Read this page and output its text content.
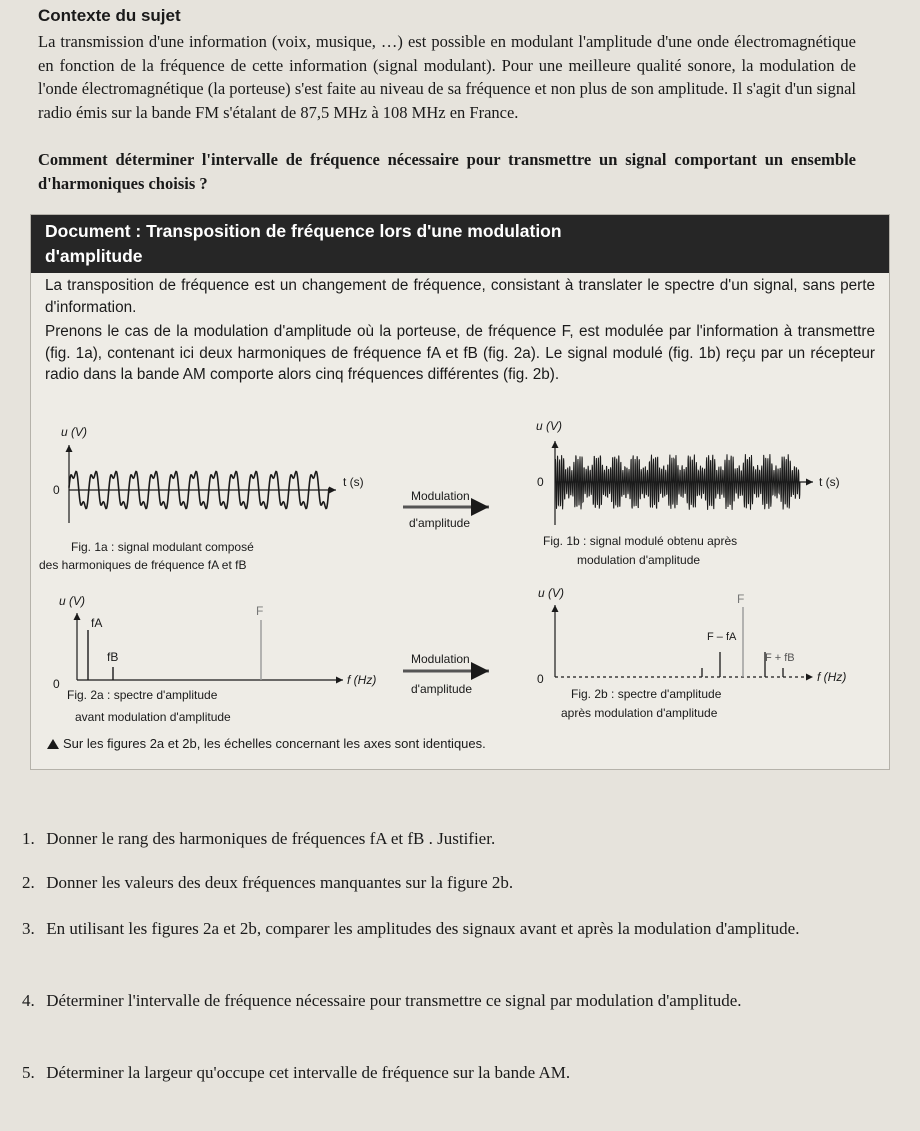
Contexte du sujet
La transmission d'une information (voix, musique, …) est possible en modulant l'amplitude d'une onde électromagnétique en fonction de la fréquence de cette information (signal modulant). Pour une meilleure qualité sonore, la modulation de l'onde électromagnétique (la porteuse) s'est faite au niveau de sa fréquence et non plus de son amplitude. Il s'agit d'un signal radio émis sur la bande FM s'étalant de 87,5 MHz à 108 MHz en France.
Comment déterminer l'intervalle de fréquence nécessaire pour transmettre un signal comportant un ensemble d'harmoniques choisis ?
Document : Transposition de fréquence lors d'une modulation
d'amplitude

La transposition de fréquence est un changement de fréquence, consistant à translater le spectre d'un signal, sans perte d'information.

Prenons le cas de la modulation d'amplitude où la porteuse, de fréquence F, est modulée par l'information à transmettre (fig. 1a), contenant ici deux harmoniques de fréquence fA et fB (fig. 2a). Le signal modulé (fig. 1b) reçu par un récepteur radio dans la bande AM comporte alors cinq fréquences différentes (fig. 2b).

u (V)
0
t (s)
Fig. 1a : signal modulant composé
des harmoniques de fréquence fA et fB
Modulation
d'amplitude
u (V)
0	t (s)
Fig. 1b : signal modulé obtenu après
modulation d'amplitude
u (V)
0	f (Hz)
fA
fB
F
Fig. 2a : spectre d'amplitude
avant modulation d'amplitude
Modulation
d'amplitude
u (V)
0	f (Hz)
F
F – fA
F + fB
Fig. 2b : spectre d'amplitude
après modulation d'amplitude
Sur les figures 2a et 2b, les échelles concernant les axes sont identiques.
1. Donner le rang des harmoniques de fréquences fA et fB . Justifier.
2. Donner les valeurs des deux fréquences manquantes sur la figure 2b.
3. En utilisant les figures 2a et 2b, comparer les amplitudes des signaux avant et après la modulation d'amplitude.
4. Déterminer l'intervalle de fréquence nécessaire pour transmettre ce signal par modulation d'amplitude.
5. Déterminer la largeur qu'occupe cet intervalle de fréquence sur la bande AM.
